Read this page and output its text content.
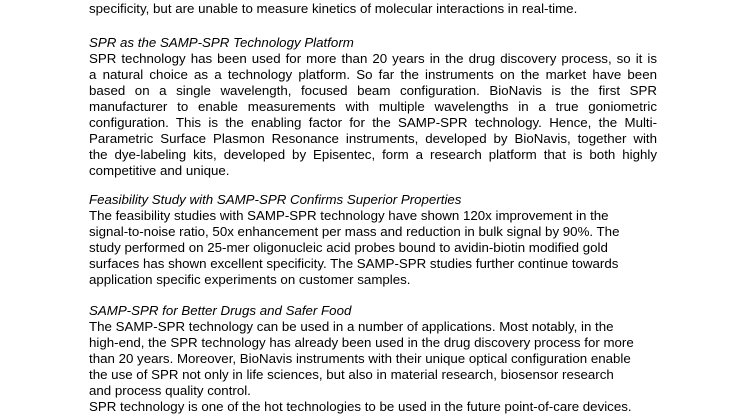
specificity, but are unable to measure kinetics of molecular interactions in real-time.
SPR as the SAMP-SPR Technology Platform
SPR technology has been used for more than 20 years in the drug discovery process, so it is
a natural choice as a technology platform. So far the instruments on the market have been
based on a single wavelength, focused beam configuration. BioNavis is the first SPR
manufacturer to enable measurements with multiple wavelengths in a true goniometric
configuration. This is the enabling factor for the SAMP-SPR technology. Hence, the Multi-
Parametric Surface Plasmon Resonance instruments, developed by BioNavis, together with
the dye-labeling kits, developed by Episentec, form a research platform that is both highly
competitive and unique.
Feasibility Study with SAMP-SPR Confirms Superior Properties
The feasibility studies with SAMP-SPR technology have shown 120x improvement in the
signal-to-noise ratio, 50x enhancement per mass and reduction in bulk signal by 90%. The
study performed on 25-mer oligonucleic acid probes bound to avidin-biotin modified gold
surfaces has shown excellent specificity. The SAMP-SPR studies further continue towards
application specific experiments on customer samples.
SAMP-SPR for Better Drugs and Safer Food
The SAMP-SPR technology can be used in a number of applications. Most notably, in the
high-end, the SPR technology has already been used in the drug discovery process for more
than 20 years. Moreover, BioNavis instruments with their unique optical configuration enable
the use of SPR not only in life sciences, but also in material research, biosensor research
and process quality control.
SPR technology is one of the hot technologies to be used in the future point-of-care devices.
